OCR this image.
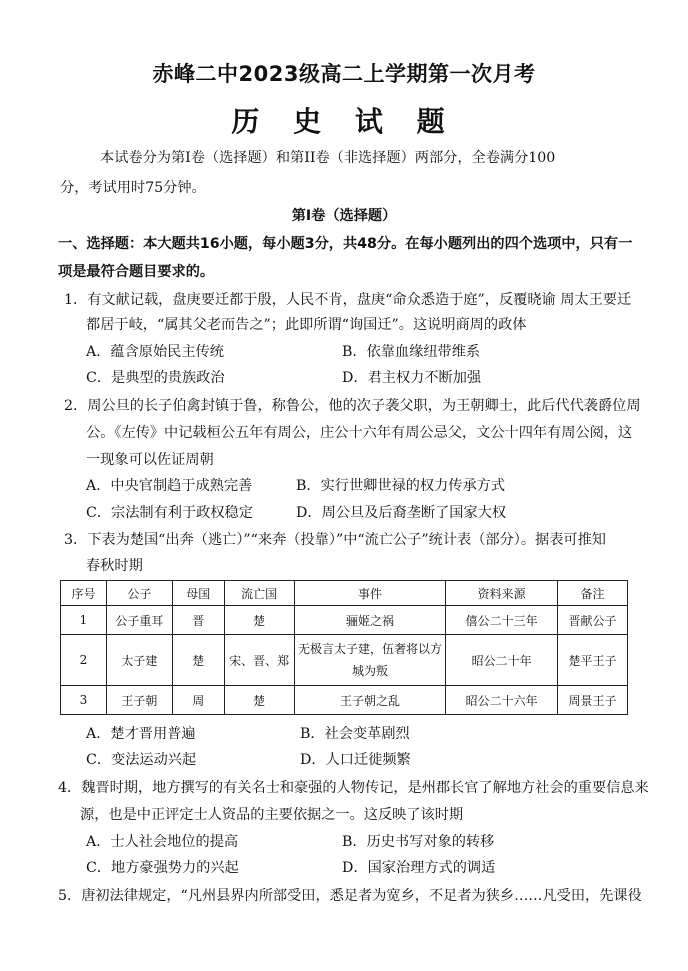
赤峰二中2023级高二上学期第一次月考
历 史 试 题
本试卷分为第Ⅰ卷（选择题）和第II卷（非选择题）两部分，全卷满分100
分，考试用时75分钟。
第Ⅰ卷（选择题）
一、选择题：本大题共16小题，每小题3分，共48分。在每小题列出的四个选项中，只有一
项是最符合题目要求的。
1．有文献记载，盘庚要迁都于殷，人民不肯，盘庚“命众悉造于庭”，反覆晓谕 周太王要迁
都居于岐，“属其父老而告之”；此即所谓“询国迁”。这说明商周的政体
A．蕴含原始民主传统	B．依靠血缘纽带维系
C．是典型的贵族政治	D．君主权力不断加强
2．周公旦的长子伯禽封镇于鲁，称鲁公，他的次子袭父职，为王朝卿士，此后代代袭爵位周
公。《左传》中记载桓公五年有周公，庄公十六年有周公忌父，文公十四年有周公阅，这
一现象可以佐证周朝
A．中央官制趋于成熟完善	B．实行世卿世禄的权力传承方式
C．宗法制有利于政权稳定	D．周公旦及后裔垄断了国家大权
3．下表为楚国“出奔（逃亡）”“来奔（投靠）”中“流亡公子”统计表（部分）。据表可推知
春秋时期
序号	公子	母国	流亡国	事件	资料来源	备注
1	公子重耳	晋	楚	骊姬之祸	僖公二十三年	晋献公子
2	太子建	楚	宋、晋、郑	无极言太子建，伍奢将以方城为叛	昭公二十年	楚平王子
3	王子朝	周	楚	王子朝之乱	昭公二十六年	周景王子
A．楚才晋用普遍	B．社会变革剧烈
C．变法运动兴起	D．人口迁徙频繁
4．魏晋时期，地方撰写的有关名士和豪强的人物传记，是州郡长官了解地方社会的重要信息来
源，也是中正评定士人资品的主要依据之一。这反映了该时期
A．士人社会地位的提高	B．历史书写对象的转移
C．地方豪强势力的兴起	D．国家治理方式的调适
5．唐初法律规定，“凡州县界内所部受田，悉足者为宽乡，不足者为狭乡……凡受田，先课役
